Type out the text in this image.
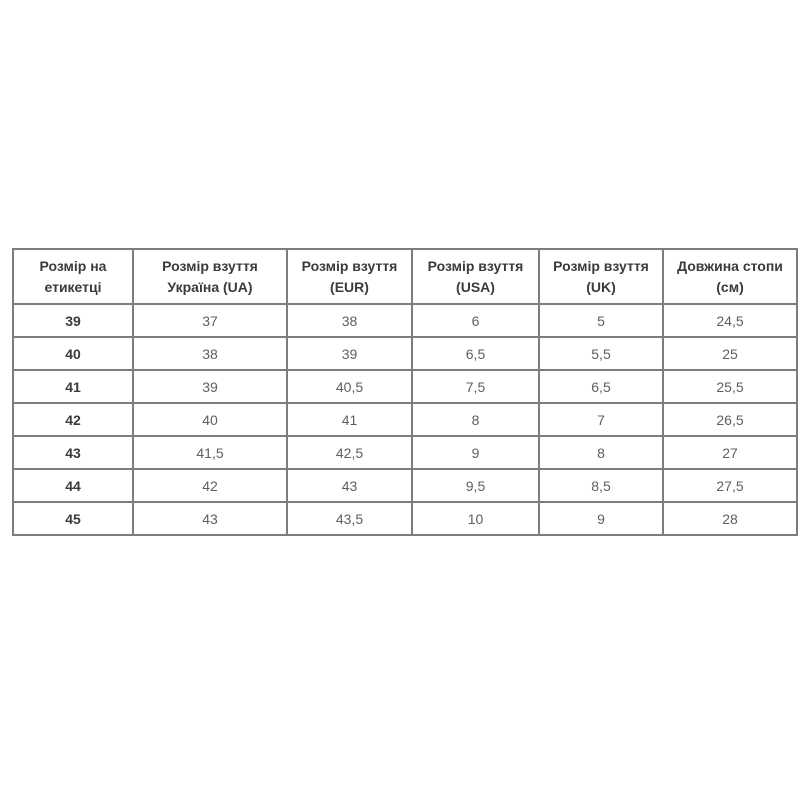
Розмір на етикетці	Розмір взуття Україна (UA)	Розмір взуття (EUR)	Розмір взуття (USA)	Розмір взуття (UK)	Довжина стопи (см)
39	37	38	6	5	24,5
40	38	39	6,5	5,5	25
41	39	40,5	7,5	6,5	25,5
42	40	41	8	7	26,5
43	41,5	42,5	9	8	27
44	42	43	9,5	8,5	27,5
45	43	43,5	10	9	28
